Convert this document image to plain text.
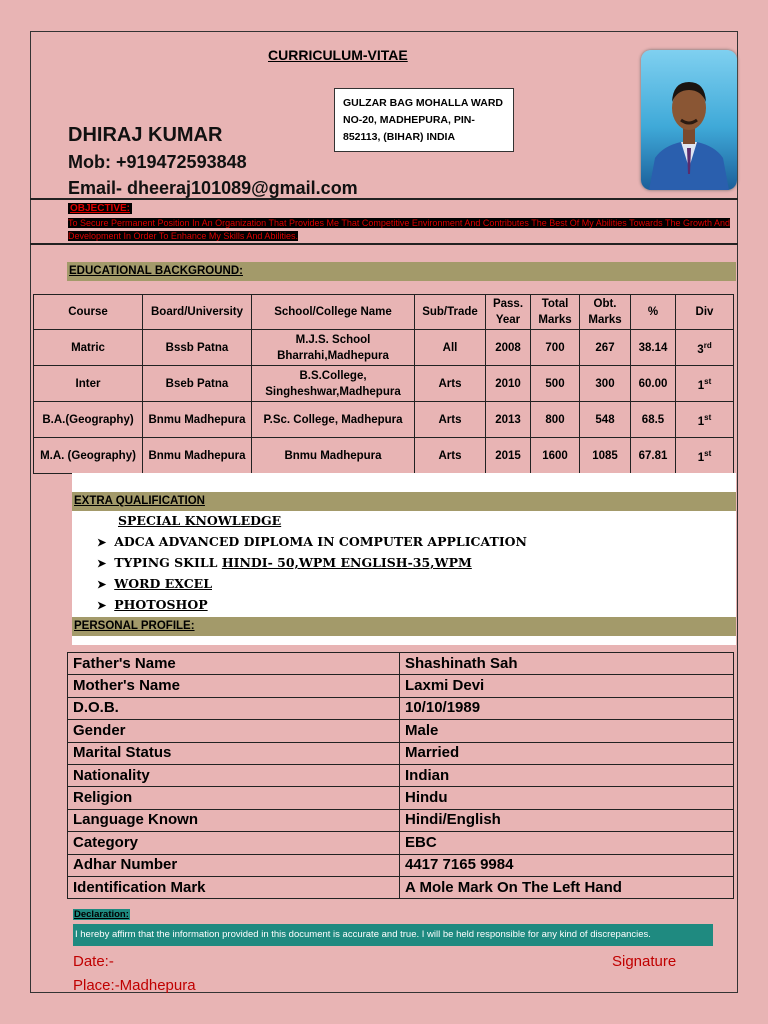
CURRICULUM-VITAE
GULZAR BAG MOHALLA WARD NO-20, MADHEPURA, PIN-852113, (BIHAR) INDIA
DHIRAJ KUMAR
Mob: +919472593848
Email- dheeraj101089@gmail.com
OBJECTIVE:
To Secure Permanent Position In An Organization That Provides Me That Competitive Environment And Contributes The Best Of My Abilities Towards The Growth And Development In Order To Enhance My Skills And Abilities.
EDUCATIONAL BACKGROUND:
Course	Board/University	School/College Name	Sub/Trade	Pass. Year	Total Marks	Obt. Marks	%	Div
Matric	Bssb Patna	M.J.S. School Bharrahi,Madhepura	All	2008	700	267	38.14	3rd
Inter	Bseb Patna	B.S.College, Singheshwar,Madhepura	Arts	2010	500	300	60.00	1st
B.A.(Geography)	Bnmu Madhepura	P.Sc. College, Madhepura	Arts	2013	800	548	68.5	1st
M.A. (Geography)	Bnmu Madhepura	Bnmu Madhepura	Arts	2015	1600	1085	67.81	1st
EXTRA QUALIFICATION
SPECIAL KNOWLEDGE
➤ ADCA ADVANCED DIPLOMA IN COMPUTER APPLICATION
➤ TYPING SKILL HINDI- 50,WPM ENGLISH-35,WPM
➤ WORD EXCEL
➤ PHOTOSHOP
PERSONAL PROFILE:
Father's Name	Shashinath Sah
Mother's Name	Laxmi Devi
D.O.B.	10/10/1989
Gender	Male
Marital Status	Married
Nationality	Indian
Religion	Hindu
Language Known	Hindi/English
Category	EBC
Adhar Number	4417 7165 9984
Identification Mark	A Mole Mark On The Left Hand
Declaration:
I hereby affirm that the information provided in this document is accurate and true. I will be held responsible for any kind of discrepancies.
Date:-	Signature
Place:-Madhepura
